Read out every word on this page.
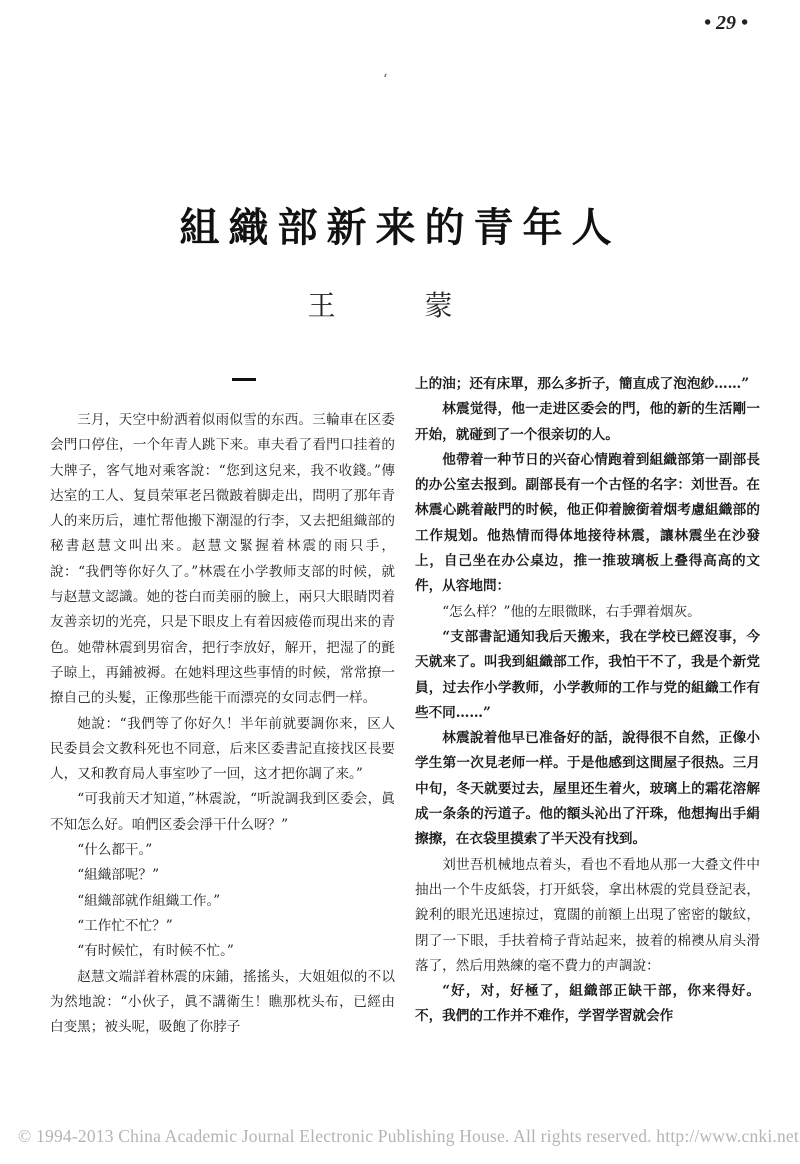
• 29 •
‘
組織部新来的青年人
王 蒙

三月，天空中紛洒着似雨似雪的东西。三輪車在区委会門口停住，一个年青人跳下来。車夫看了看門口挂着的大牌子，客气地对乘客說：“您到这兒来，我不收錢。”傳达室的工人、复員荣軍老呂微跛着脚走出，問明了那年青人的来历后，連忙帮他搬下潮湿的行李，又去把組織部的秘書赵慧文叫出来。赵慧文緊握着林震的雨只手，說：“我們等你好久了。”林震在小学教师支部的时候，就与赵慧文認識。她的苍白而美丽的臉上，兩只大眼睛閃着友善亲切的光亮，只是下眼皮上有着因疲倦而現出来的青色。她帶林震到男宿舍，把行李放好，解开，把湿了的氈子晾上，再鋪被褥。在她料理这些事情的时候，常常撩一撩自己的头髮，正像那些能干而漂亮的女同志們一样。

她說：“我們等了你好久！半年前就要調你来，区人民委員会文教科死也不同意，后来区委書記直接找区長要人，又和教育局人事室吵了一回，这才把你調了来。”

“可我前天才知道，”林震說，“听說調我到区委会，眞不知怎么好。咱們区委会淨干什么呀？”

“什么都干。”

“組織部呢？”

“組織部就作組織工作。”

“工作忙不忙？”

“有时候忙，有时候不忙。”

赵慧文端詳着林震的床鋪，搖搖头，大姐姐似的不以为然地說：“小伙子，眞不講衛生！瞧那枕头布，已經由白变黑；被头呢，吸飽了你脖子

上的油；还有床單，那么多折子，簡直成了泡泡紗……”

林震觉得，他一走进区委会的門，他的新的生活剛一开始，就碰到了一个很亲切的人。

他帶着一种节日的兴奋心情跑着到組織部第一副部長的办公室去报到。副部長有一个古怪的名字：刘世吾。在林震心跳着敲門的时候，他正仰着臉銜着烟考慮組織部的工作規划。他热情而得体地接待林震，讓林震坐在沙發上，自己坐在办公桌边，推一推玻璃板上叠得高高的文件，从容地問：

“怎么样？”他的左眼微眯，右手彈着烟灰。

“支部書記通知我后天搬来，我在学校已經沒事，今天就来了。叫我到組織部工作，我怕干不了，我是个新党員，过去作小学教师，小学教师的工作与党的組織工作有些不同……”

林震說着他早已准备好的話，說得很不自然，正像小学生第一次見老师一样。于是他感到这間屋子很热。三月中旬，冬天就要过去，屋里还生着火，玻璃上的霜花溶解成一条条的污道子。他的額头沁出了汗珠，他想掏出手絹擦擦，在衣袋里摸索了半天没有找到。

刘世吾机械地点着头，看也不看地从那一大叠文件中抽出一个牛皮紙袋，打开紙袋，拿出林震的党員登記表，銳利的眼光迅速掠过，寬闊的前額上出現了密密的皺紋，閉了一下眼，手扶着椅子背站起来，披着的棉襖从肩头滑落了，然后用熟練的毫不費力的声調說：

“好，对，好極了，組織部正缺干部，你来得好。不，我們的工作并不难作，学習学習就会作

© 1994-2013 China Academic Journal Electronic Publishing House. All rights reserved. http://www.cnki.net
